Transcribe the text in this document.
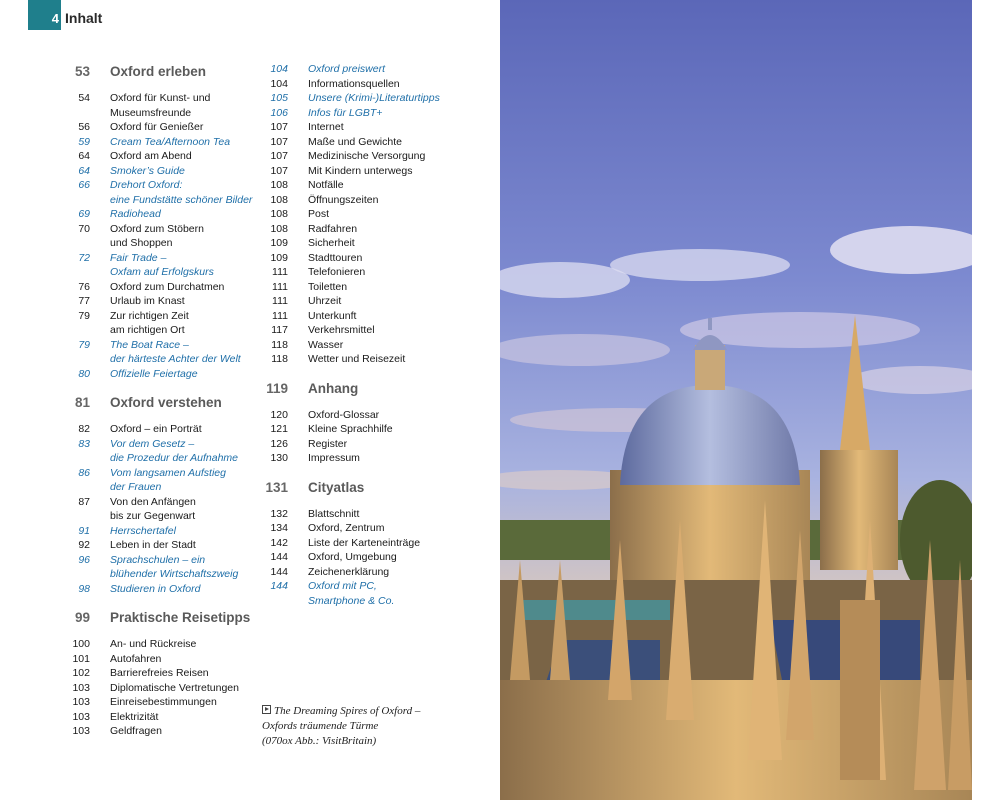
4 Inhalt
53 Oxford erleben
54 Oxford für Kunst- und
Museumsfreunde
56 Oxford für Genießer
59 Cream Tea/Afternoon Tea
64 Oxford am Abend
64 Smoker’s Guide
66 Drehort Oxford:
eine Fundstätte schöner Bilder
69 Radiohead
70 Oxford zum Stöbern
und Shoppen
72 Fair Trade –
Oxfam auf Erfolgskurs
76 Oxford zum Durchatmen
77 Urlaub im Knast
79 Zur richtigen Zeit
am richtigen Ort
79 The Boat Race –
der härteste Achter der Welt
80 Offizielle Feiertage
81 Oxford verstehen
82 Oxford – ein Porträt
83 Vor dem Gesetz –
die Prozedur der Aufnahme
86 Vom langsamen Aufstieg
der Frauen
87 Von den Anfängen
bis zur Gegenwart
91 Herrschertafel
92 Leben in der Stadt
96 Sprachschulen – ein
blühender Wirtschaftszweig
98 Studieren in Oxford
99 Praktische Reisetipps
100 An- und Rückreise
101 Autofahren
102 Barrierefreies Reisen
103 Diplomatische Vertretungen
103 Einreisebestimmungen
103 Elektrizität
103 Geldfragen
104 Oxford preiswert
104 Informationsquellen
105 Unsere (Krimi-)Literaturtipps
106 Infos für LGBT+
107 Internet
107 Maße und Gewichte
107 Medizinische Versorgung
107 Mit Kindern unterwegs
108 Notfälle
108 Öffnungszeiten
108 Post
108 Radfahren
109 Sicherheit
109 Stadttouren
111 Telefonieren
111 Toiletten
111 Uhrzeit
111 Unterkunft
117 Verkehrsmittel
118 Wasser
118 Wetter und Reisezeit
119 Anhang
120 Oxford-Glossar
121 Kleine Sprachhilfe
126 Register
130 Impressum
131 Cityatlas
132 Blattschnitt
134 Oxford, Zentrum
142 Liste der Karteneinträge
144 Oxford, Umgebung
144 Zeichenerklärung
144 Oxford mit PC,
Smartphone & Co.
The Dreaming Spires of Oxford –
Oxfords träumende Türme
(070ox Abb.: VisitBritain)
